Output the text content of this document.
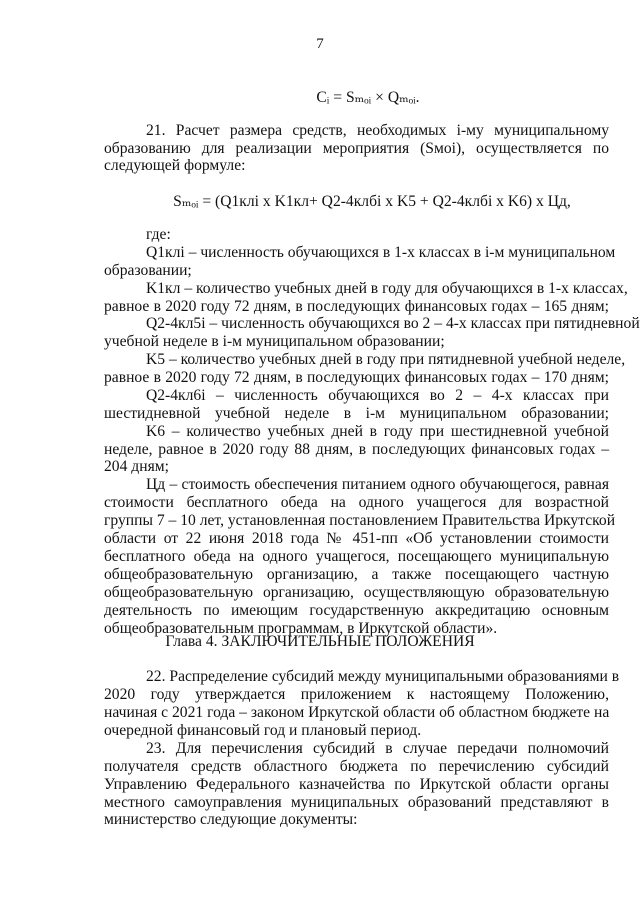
7
Cᵢ = Sₘₒᵢ × Qₘₒᵢ.
21. Расчет размера средств, необходимых i-му муниципальному
образованию для реализации мероприятия (Sмоi), осуществляется по
следующей формуле:
Sₘₒᵢ = (Q1клi х K1кл+ Q2-4клбi х K5 + Q2-4клбi х K6) х Цд,
где:
Q1клi – численность обучающихся в 1-х классах в i-м муниципальном
образовании;
K1кл – количество учебных дней в году для обучающихся в 1-х классах,
равное в 2020 году 72 дням, в последующих финансовых годах – 165 дням;
Q2-4кл5i – численность обучающихся во 2 – 4-х классах при пятидневной
учебной неделе в i-м муниципальном образовании;
K5 – количество учебных дней в году при пятидневной учебной неделе,
равное в 2020 году 72 дням, в последующих финансовых годах – 170 дням;
Q2-4кл6i – численность обучающихся во 2 – 4-х классах при
шестидневной учебной неделе в i-м муниципальном образовании;
K6 – количество учебных дней в году при шестидневной учебной
неделе, равное в 2020 году 88 дням, в последующих финансовых годах –
204 дням;
Цд – стоимость обеспечения питанием одного обучающегося, равная
стоимости бесплатного обеда на одного учащегося для возрастной
группы 7 – 10 лет, установленная постановлением Правительства Иркутской
области от 22 июня 2018 года № 451-пп «Об установлении стоимости
бесплатного обеда на одного учащегося, посещающего муниципальную
общеобразовательную организацию, а также посещающего частную
общеобразовательную организацию, осуществляющую образовательную
деятельность по имеющим государственную аккредитацию основным
общеобразовательным программам, в Иркутской области».
Глава 4. ЗАКЛЮЧИТЕЛЬНЫЕ ПОЛОЖЕНИЯ
22. Распределение субсидий между муниципальными образованиями в
2020 году утверждается приложением к настоящему Положению,
начиная с 2021 года – законом Иркутской области об областном бюджете на
очередной финансовый год и плановый период.
23. Для перечисления субсидий в случае передачи полномочий
получателя средств областного бюджета по перечислению субсидий
Управлению Федерального казначейства по Иркутской области органы
местного самоуправления муниципальных образований представляют в
министерство следующие документы:
